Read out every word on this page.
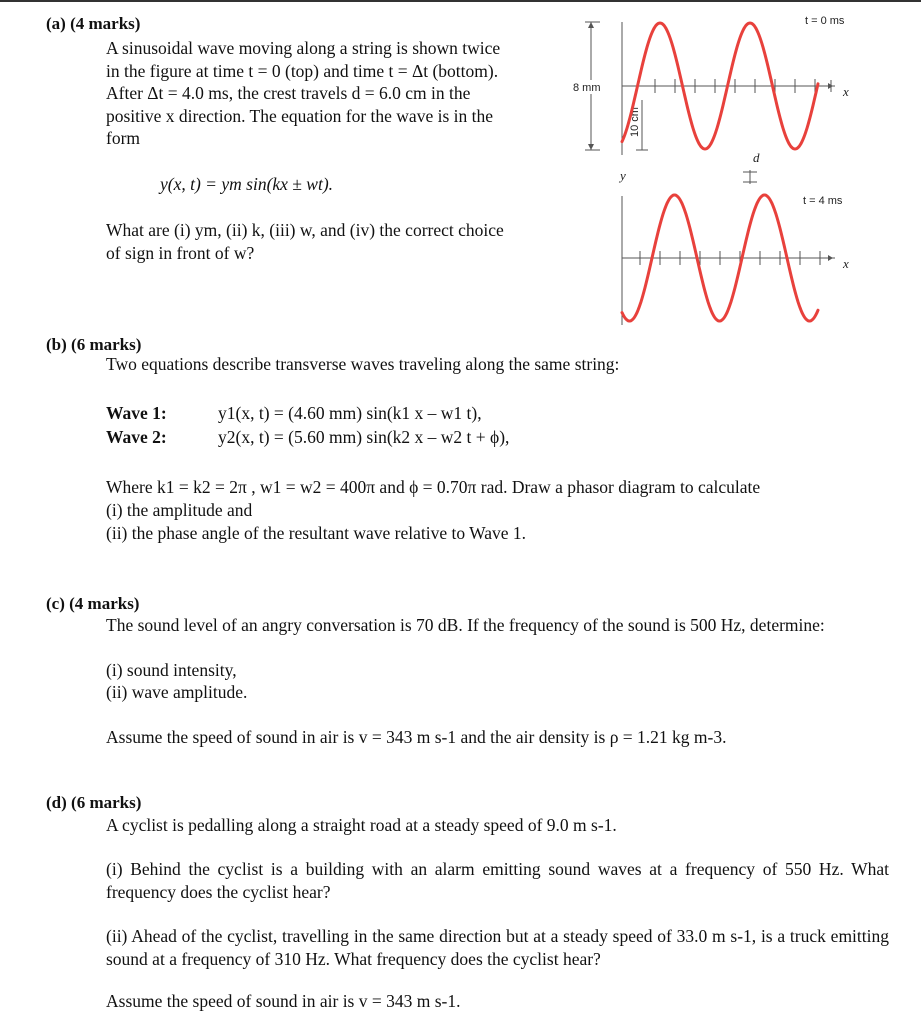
(a) (4 marks)
A sinusoidal wave moving along a string is shown twice
in the figure at time t = 0 (top) and time t = Δt (bottom).
After Δt = 4.0 ms, the crest travels d = 6.0 cm in the
positive x direction. The equation for the wave is in the
form
y(x, t) = ym sin(kx ± wt).
What are (i) ym, (ii) k, (iii) w, and (iv) the correct choice
of sign in front of w?
t = 0 ms
x
y
8 mm
10 cm
d
t = 4 ms
x
(b) (6 marks)
Two equations describe transverse waves traveling along the same string:
Wave 1:	y1(x, t) = (4.60 mm) sin(k1 x – w1 t),
Wave 2:	y2(x, t) = (5.60 mm) sin(k2 x – w2 t + ϕ),
Where k1 = k2 = 2π , w1 = w2 = 400π and ϕ = 0.70π rad. Draw a phasor diagram to calculate
(i) the amplitude and
(ii) the phase angle of the resultant wave relative to Wave 1.
(c) (4 marks)
The sound level of an angry conversation is 70 dB. If the frequency of the sound is 500 Hz, determine:
(i) sound intensity,
(ii) wave amplitude.
Assume the speed of sound in air is v = 343 m s-1 and the air density is ρ = 1.21 kg m-3.
(d) (6 marks)
A cyclist is pedalling along a straight road at a steady speed of 9.0 m s-1.
(i) Behind the cyclist is a building with an alarm emitting sound waves at a frequency of 550 Hz. What frequency does the cyclist hear?
(ii) Ahead of the cyclist, travelling in the same direction but at a steady speed of 33.0 m s-1, is a truck emitting sound at a frequency of 310 Hz. What frequency does the cyclist hear?
Assume the speed of sound in air is v = 343 m s-1.
